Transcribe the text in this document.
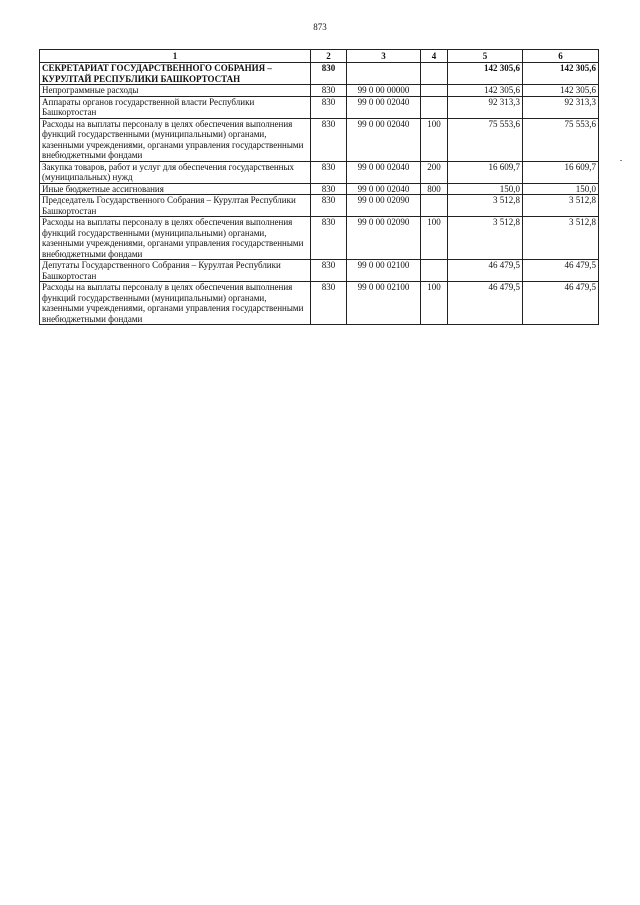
873
1	2	3	4	5	6
СЕКРЕТАРИАТ ГОСУДАРСТВЕННОГО СОБРАНИЯ – КУРУЛТАЙ РЕСПУБЛИКИ БАШКОРТОСТАН	830			142 305,6	142 305,6
Непрограммные расходы	830	99 0 00 00000		142 305,6	142 305,6
Аппараты органов государственной власти Республики Башкортостан	830	99 0 00 02040		92 313,3	92 313,3
Расходы на выплаты персоналу в целях обеспечения выполнения функций государственными (муниципальными) органами, казенными учреждениями, органами управления государственными внебюджетными фондами	830	99 0 00 02040	100	75 553,6	75 553,6
Закупка товаров, работ и услуг для обеспечения государственных (муниципальных) нужд	830	99 0 00 02040	200	16 609,7	16 609,7
Иные бюджетные ассигнования	830	99 0 00 02040	800	150,0	150,0
Председатель Государственного Собрания – Курултая Республики Башкортостан	830	99 0 00 02090		3 512,8	3 512,8
Расходы на выплаты персоналу в целях обеспечения выполнения функций государственными (муниципальными) органами, казенными учреждениями, органами управления государственными внебюджетными фондами	830	99 0 00 02090	100	3 512,8	3 512,8
Депутаты Государственного Собрания – Курултая Республики Башкортостан	830	99 0 00 02100		46 479,5	46 479,5
Расходы на выплаты персоналу в целях обеспечения выполнения функций государственными (муниципальными) органами, казенными учреждениями, органами управления государственными внебюджетными фондами	830	99 0 00 02100	100	46 479,5	46 479,5
